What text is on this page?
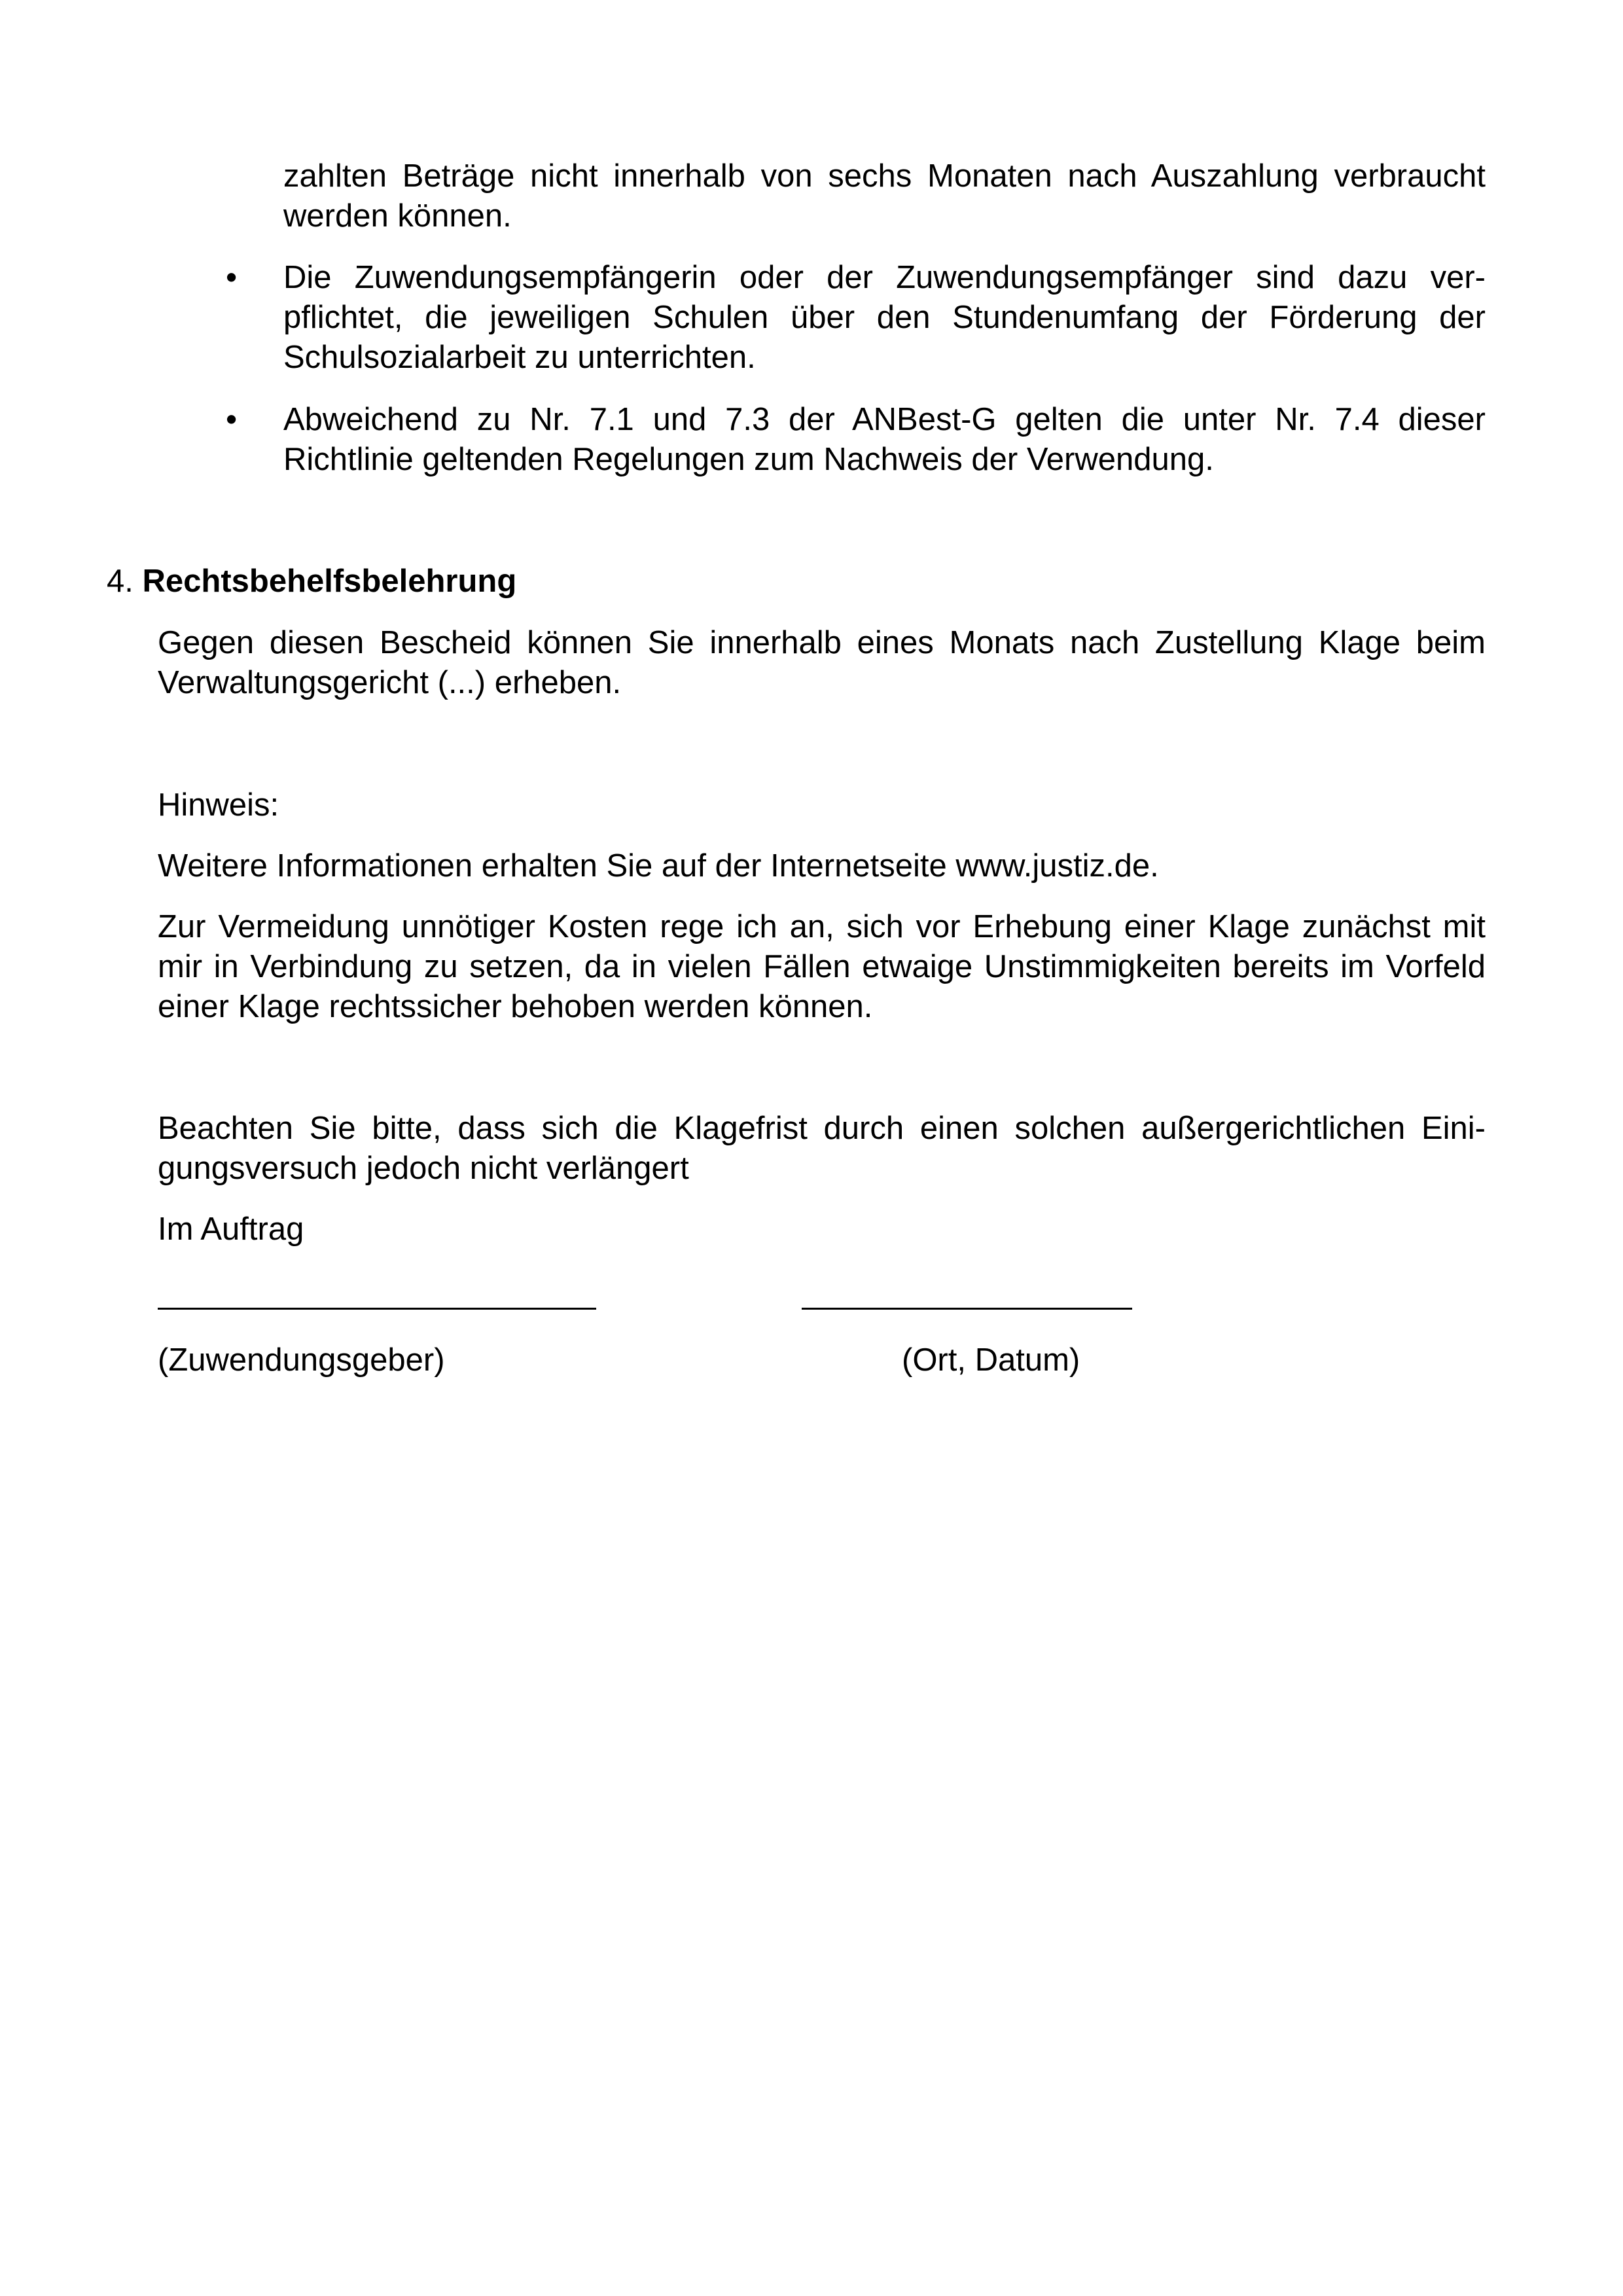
zahlten Beträge nicht innerhalb von sechs Monaten nach Auszahlung verbraucht

werden können.

• Die Zuwendungsempfängerin oder der Zuwendungsempfänger sind dazu verpflichtet, die jeweiligen Schulen über den Stundenumfang der Förderung der Schulsozialarbeit zu unterrichten.

• Abweichend zu Nr. 7.1 und 7.3 der ANBest-G gelten die unter Nr. 7.4 dieser Richtlinie geltenden Regelungen zum Nachweis der Verwendung.

4. Rechtsbehelfsbelehrung

Gegen diesen Bescheid können Sie innerhalb eines Monats nach Zustellung Klage beim Verwaltungsgericht (...) erheben.

Hinweis:

Weitere Informationen erhalten Sie auf der Internetseite www.justiz.de.

Zur Vermeidung unnötiger Kosten rege ich an, sich vor Erhebung einer Klage zunächst mit mir in Verbindung zu setzen, da in vielen Fällen etwaige Unstimmigkeiten bereits im Vorfeld einer Klage rechtssicher behoben werden können.

Beachten Sie bitte, dass sich die Klagefrist durch einen solchen außergerichtlichen Einigungsversuch jedoch nicht verlängert

Im Auftrag

(Zuwendungsgeber)	(Ort, Datum)
